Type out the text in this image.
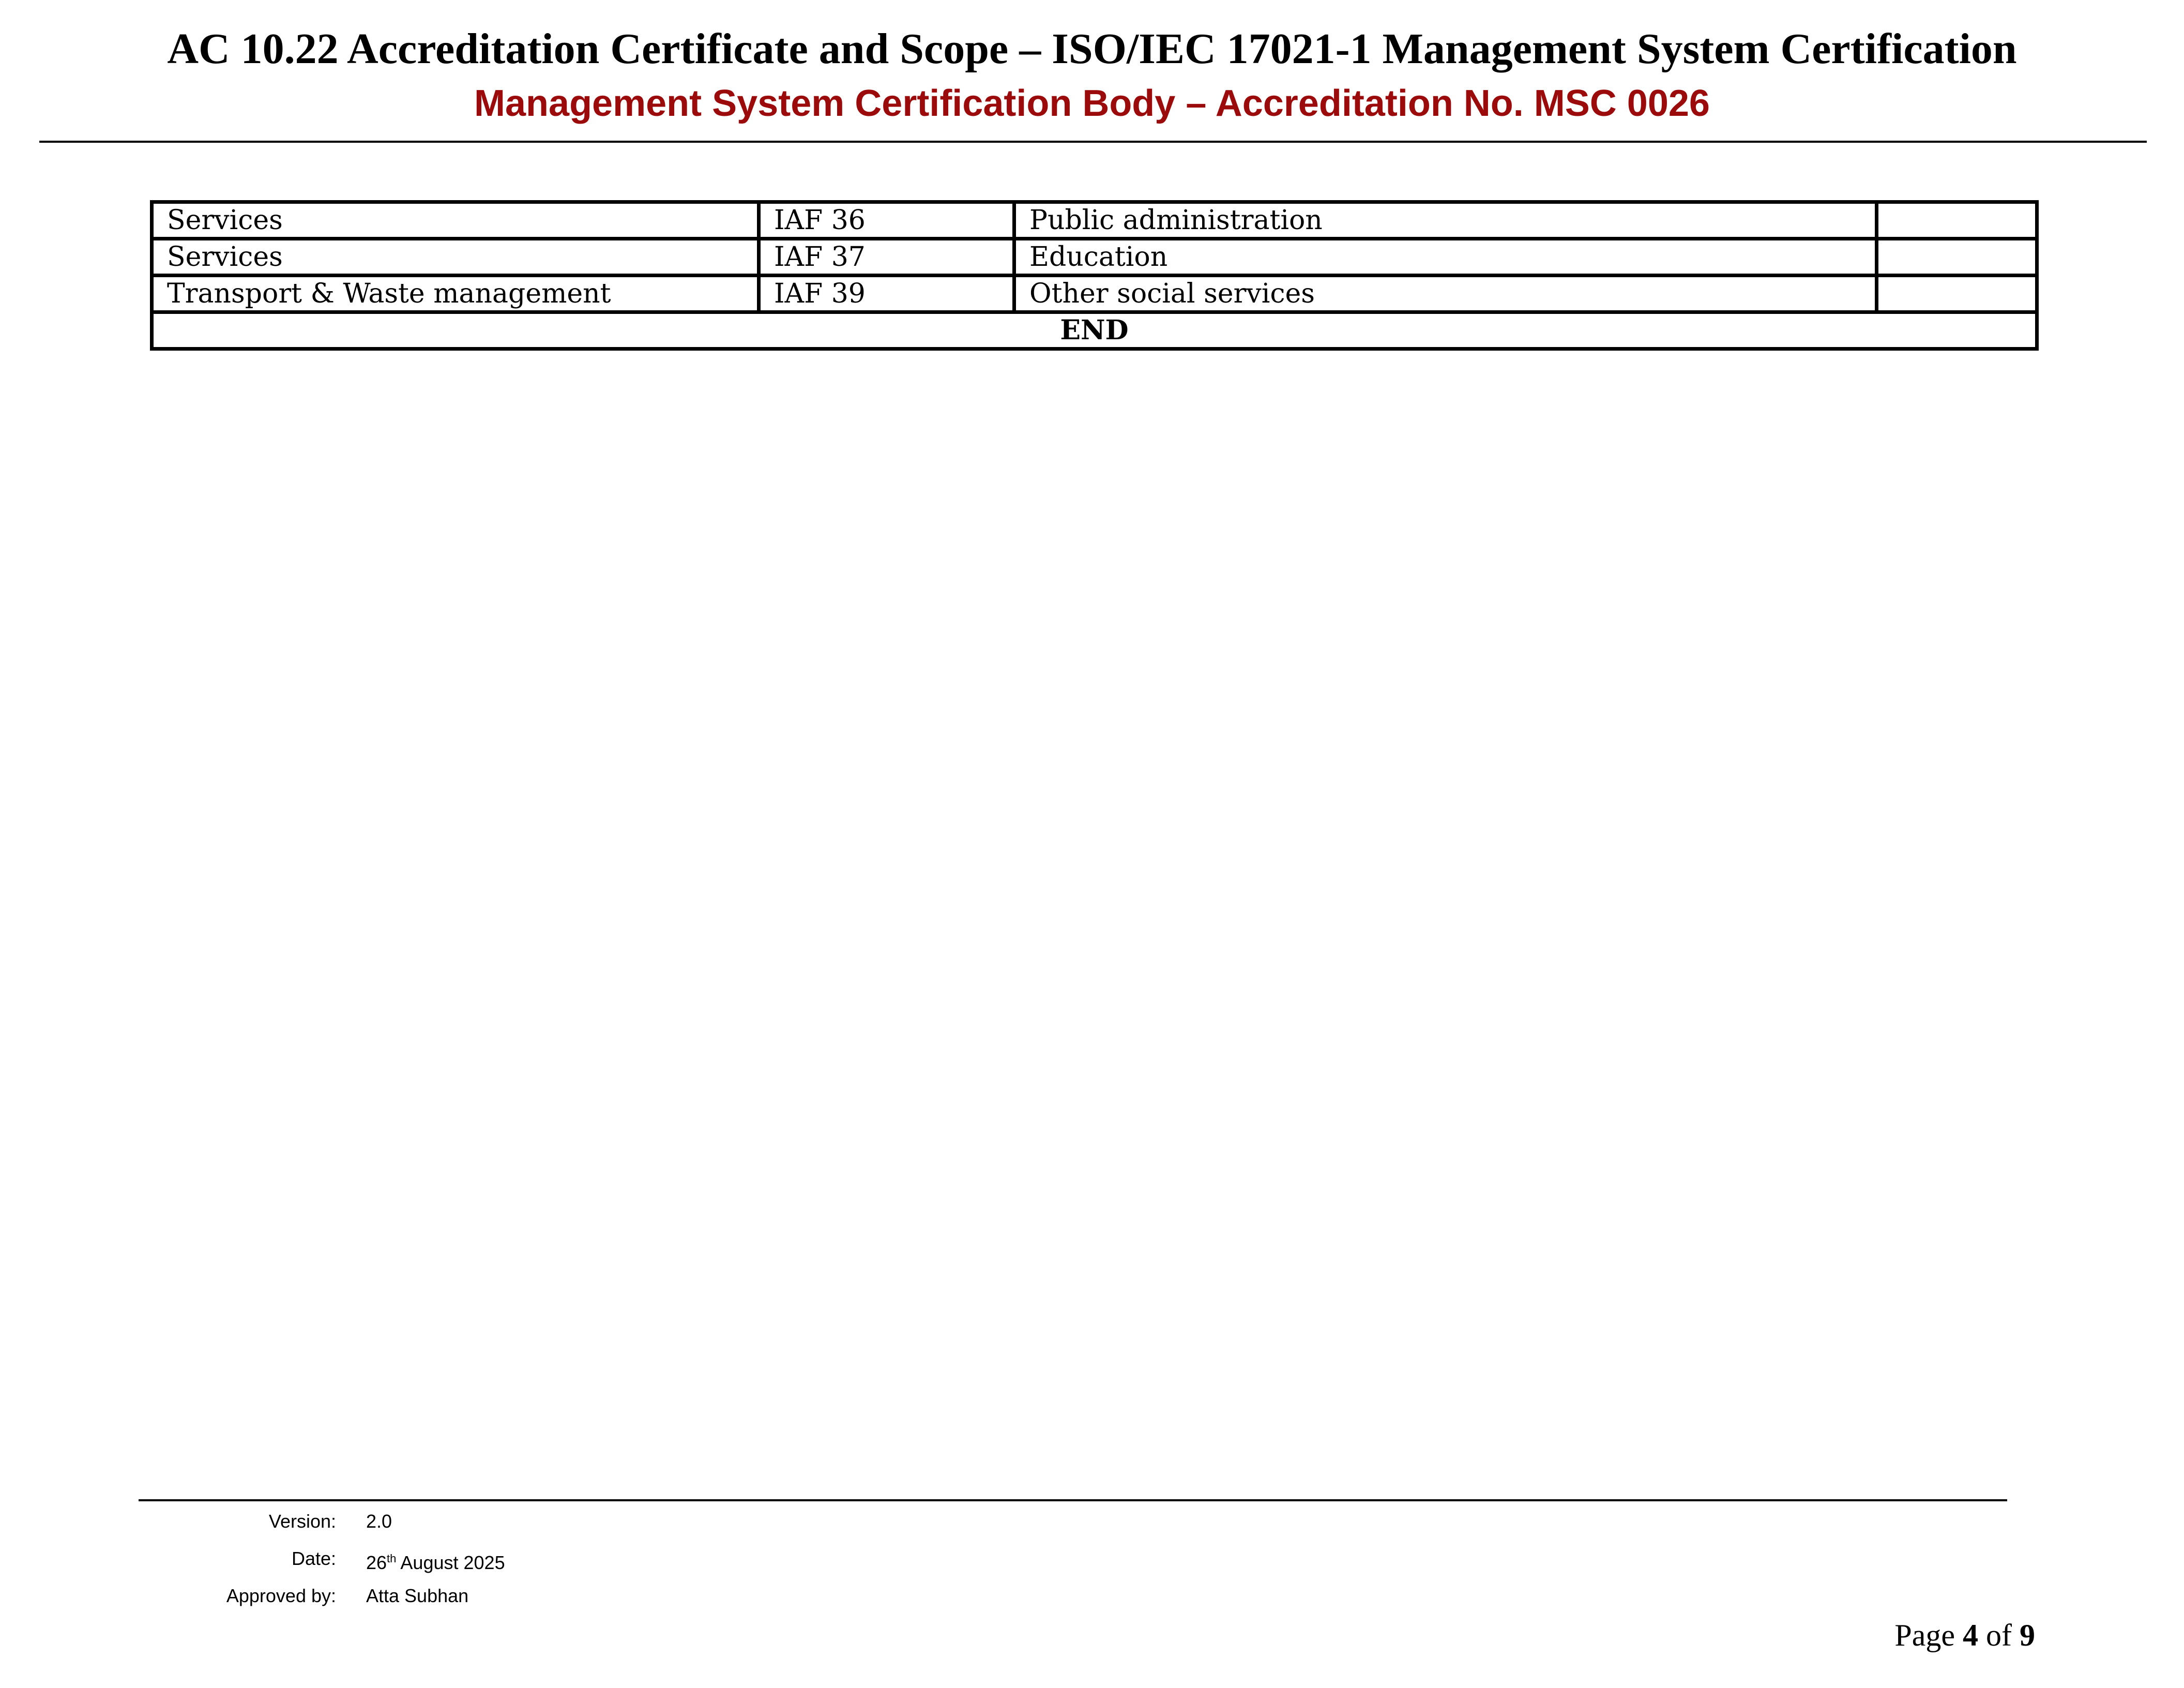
AC 10.22 Accreditation Certificate and Scope – ISO/IEC 17021-1 Management System Certification

Management System Certification Body – Accreditation No. MSC 0026

Services	IAF 36	Public administration	
Services	IAF 37	Education	
Transport & Waste management	IAF 39	Other social services	
END			
Version: 2.0
Date: 26th August 2025
Approved by: Atta Subhan
Page 4 of 9
